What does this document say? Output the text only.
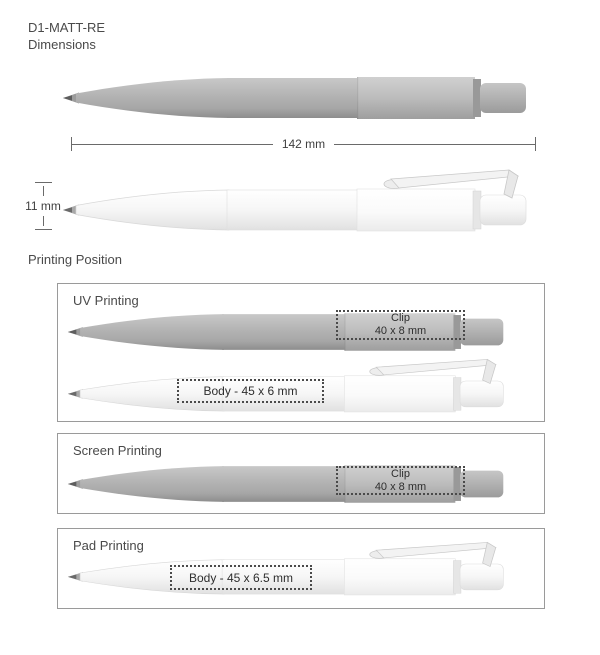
D1-MATT-RE
Dimensions
142 mm
11 mm
Printing Position
UV Printing
Clip
40 x 8 mm
Body - 45 x 6 mm
Screen Printing
Clip
40 x 8 mm
Pad Printing
Body - 45 x 6.5 mm
